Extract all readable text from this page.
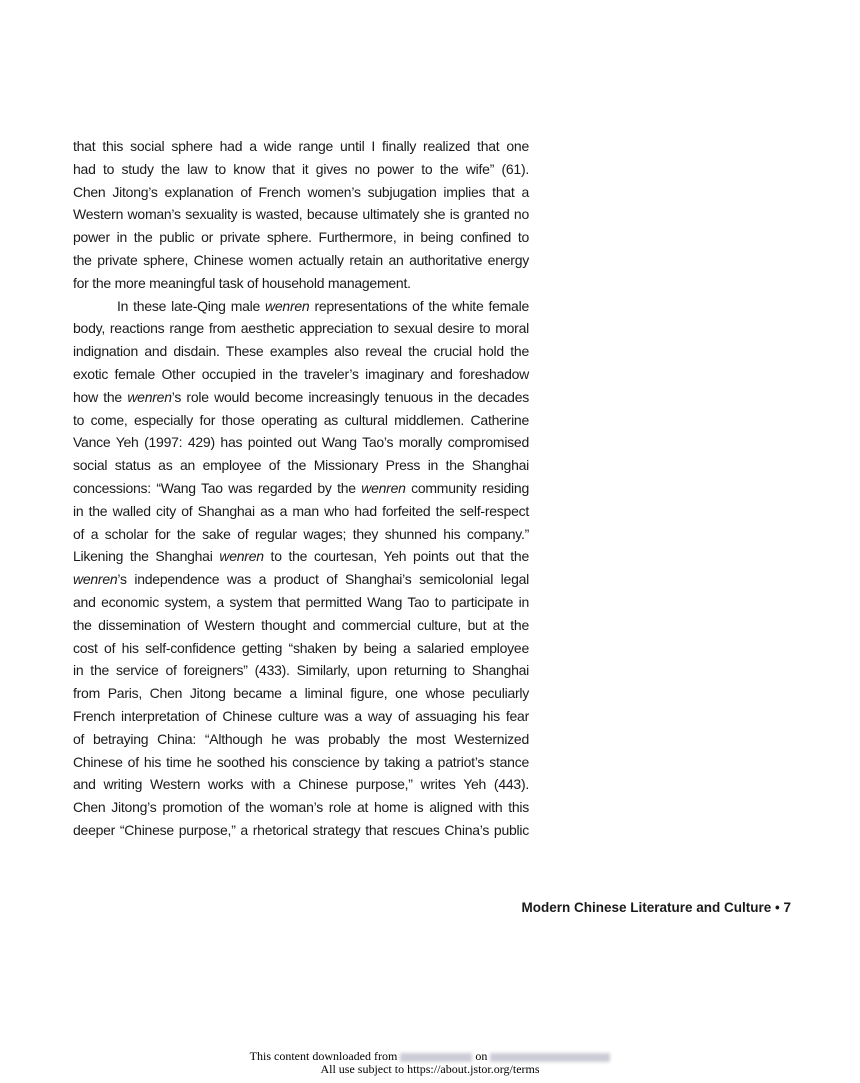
that this social sphere had a wide range until I finally realized that one
had to study the law to know that it gives no power to the wife” (61).
Chen Jitong’s explanation of French women’s subjugation implies that a
Western woman’s sexuality is wasted, because ultimately she is granted no
power in the public or private sphere. Furthermore, in being confined to
the private sphere, Chinese women actually retain an authoritative energy
for the more meaningful task of household management.
In these late-Qing male wenren representations of the white female
body, reactions range from aesthetic appreciation to sexual desire to moral
indignation and disdain. These examples also reveal the crucial hold the
exotic female Other occupied in the traveler’s imaginary and foreshadow
how the wenren’s role would become increasingly tenuous in the decades
to come, especially for those operating as cultural middlemen. Catherine
Vance Yeh (1997: 429) has pointed out Wang Tao’s morally compromised
social status as an employee of the Missionary Press in the Shanghai
concessions: “Wang Tao was regarded by the wenren community residing
in the walled city of Shanghai as a man who had forfeited the self-respect
of a scholar for the sake of regular wages; they shunned his company.”
Likening the Shanghai wenren to the courtesan, Yeh points out that the
wenren’s independence was a product of Shanghai’s semicolonial legal
and economic system, a system that permitted Wang Tao to participate in
the dissemination of Western thought and commercial culture, but at the
cost of his self-confidence getting “shaken by being a salaried employee
in the service of foreigners” (433). Similarly, upon returning to Shanghai
from Paris, Chen Jitong became a liminal figure, one whose peculiarly
French interpretation of Chinese culture was a way of assuaging his fear
of betraying China: “Although he was probably the most Westernized
Chinese of his time he soothed his conscience by taking a patriot’s stance
and writing Western works with a Chinese purpose,” writes Yeh (443).
Chen Jitong’s promotion of the woman’s role at home is aligned with this
deeper “Chinese purpose,” a rhetorical strategy that rescues China’s public
Modern Chinese Literature and Culture • 7
This content downloaded from	on
All use subject to https://about.jstor.org/terms
